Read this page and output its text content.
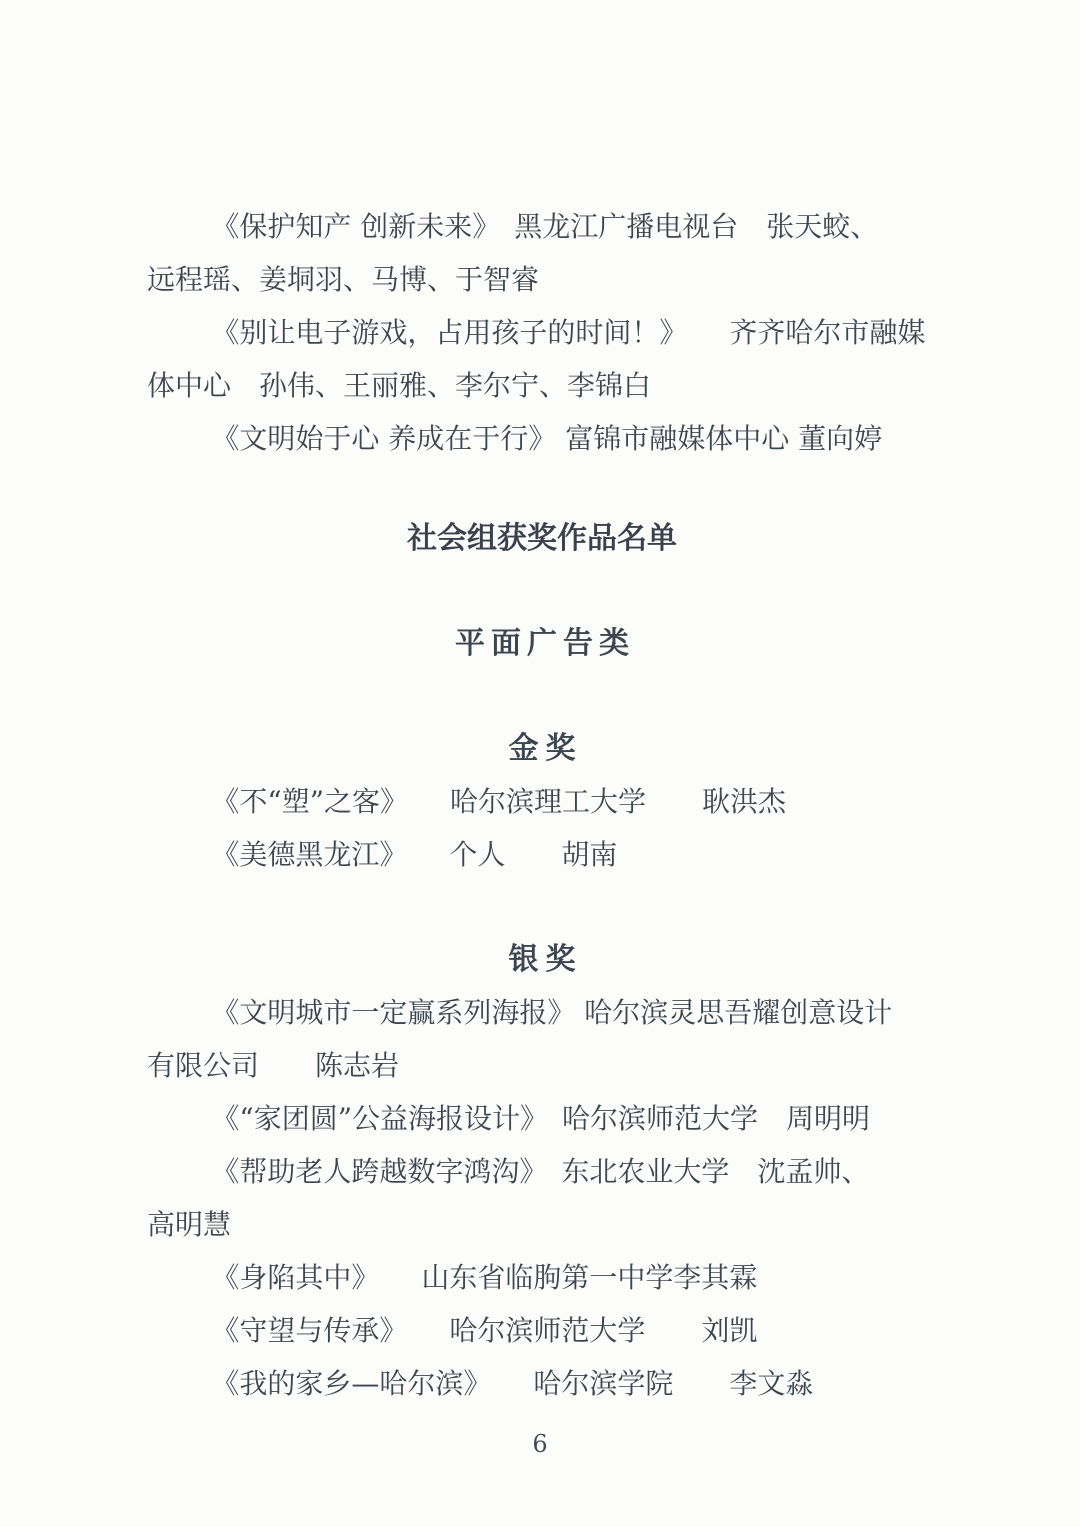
《保护知产 创新未来》　黑龙江广播电视台　张天蛟、

远程瑶、姜垌羽、马博、于智睿

《别让电子游戏，占用孩子的时间！》　　齐齐哈尔市融媒

体中心　孙伟、王丽雅、李尔宁、李锦白

《文明始于心 养成在于行》 富锦市融媒体中心 董向婷

社会组获奖作品名单
平面广告类
金奖

《不“塑”之客》　　哈尔滨理工大学　　耿洪杰

《美德黑龙江》　　个人　　胡南

银奖

《文明城市一定赢系列海报》 哈尔滨灵思吾耀创意设计

有限公司　　陈志岩

《“家团圆”公益海报设计》　哈尔滨师范大学　周明明

《帮助老人跨越数字鸿沟》　东北农业大学　沈孟帅、

高明慧

《身陷其中》　　山东省临朐第一中学李其霖

《守望与传承》　　哈尔滨师范大学　　刘凯

《我的家乡—哈尔滨》　　哈尔滨学院　　李文淼

6
